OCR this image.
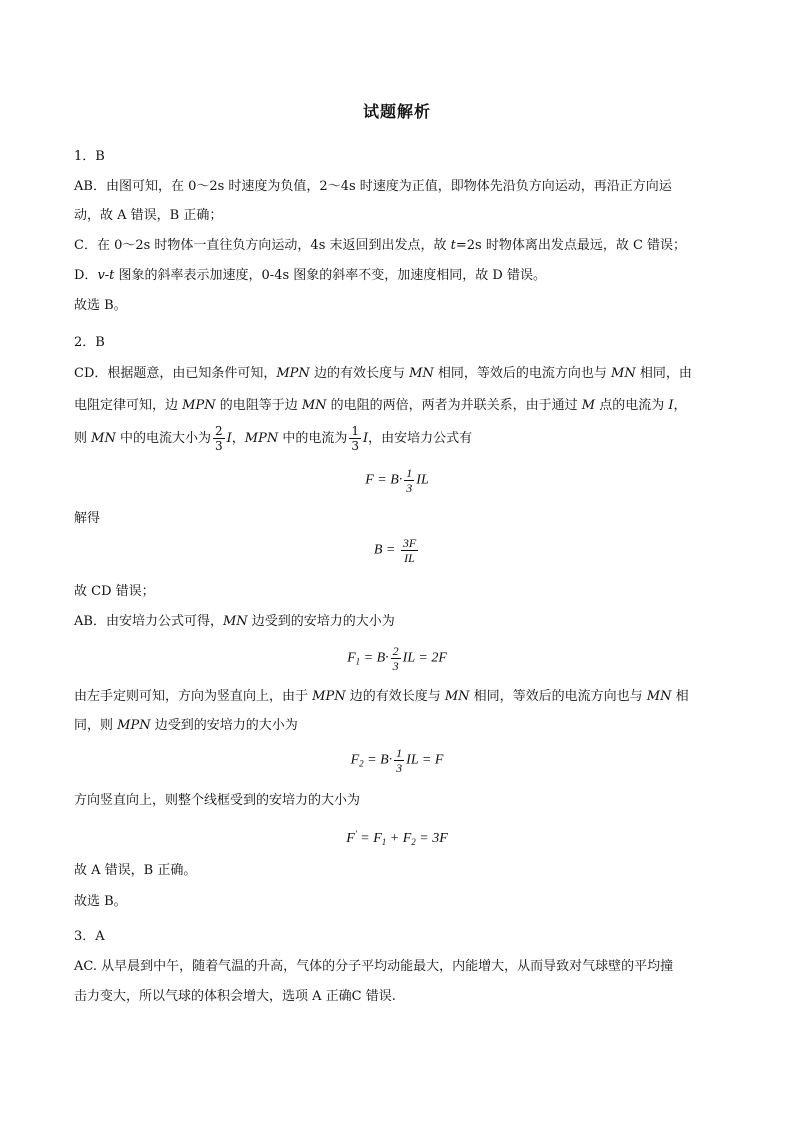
试题解析
1．B
AB．由图可知，在 0～2s 时速度为负值，2～4s 时速度为正值，即物体先沿负方向运动，再沿正方向运
动，故 A 错误，B 正确；
C．在 0～2s 时物体一直往负方向运动，4s 末返回到出发点，故 t=2s 时物体离出发点最远，故 C 错误；
D．v-t 图象的斜率表示加速度，0-4s 图象的斜率不变，加速度相同，故 D 错误。
故选 B。
2．B
CD．根据题意，由已知条件可知，MPN 边的有效长度与 MN 相同，等效后的电流方向也与 MN 相同，由
电阻定律可知，边 MPN 的电阻等于边 MN 的电阻的两倍，两者为并联关系，由于通过 M 点的电流为 I，
则 MN 中的电流大小为 $\frac{2}{3}$ I，MPN 中的电流为 $\frac{1}{3}$ I，由安培力公式有
$F = B\cdot \frac{1}{3}$ IL
解得
$B = \frac{3F}{IL}$
故 CD 错误；
AB．由安培力公式可得，MN 边受到的安培力的大小为
$F_1 = B\cdot \frac{2}{3}$ IL = 2F
由左手定则可知，方向为竖直向上，由于 MPN 边的有效长度与 MN 相同，等效后的电流方向也与 MN 相
同，则 MPN 边受到的安培力的大小为
$F_2 = B\cdot \frac{1}{3}$ IL = F
方向竖直向上，则整个线框受到的安培力的大小为
$F' = F_1 + F_2 = 3F$
故 A 错误，B 正确。
故选 B。
3．A
AC. 从早晨到中午，随着气温的升高，气体的分子平均动能最大，内能增大，从而导致对气球壁的平均撞
击力变大，所以气球的体积会增大，选项 A 正确C 错误.
